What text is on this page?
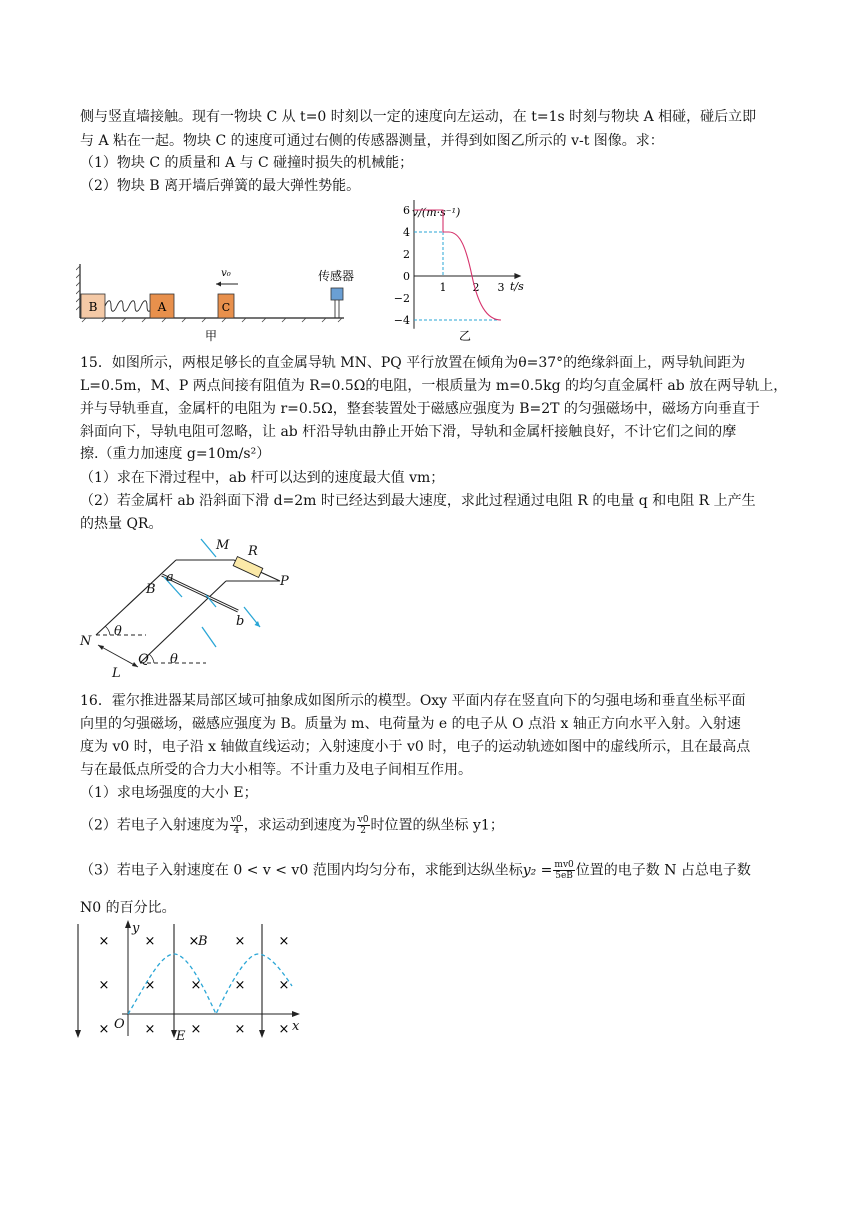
侧与竖直墙接触。现有一物块 C 从 t=0 时刻以一定的速度向左运动，在 t=1s 时刻与物块 A 相碰，碰后立即
与 A 粘在一起。物块 C 的速度可通过右侧的传感器测量，并得到如图乙所示的 v-t 图像。求：
（1）物块 C 的质量和 A 与 C 碰撞时损失的机械能；
（2）物块 B 离开墙后弹簧的最大弹性势能。
B	A	C
v₀	传感器
甲
v/(m·s⁻¹)
t/s
6
4
2
0
−2
−4
1 2 3
乙
15．如图所示，两根足够长的直金属导轨 MN、PQ 平行放置在倾角为θ=37°的绝缘斜面上，两导轨间距为
L=0.5m，M、P 两点间接有阻值为 R=0.5Ω的电阻，一根质量为 m=0.5kg 的均匀直金属杆 ab 放在两导轨上，
并与导轨垂直，金属杆的电阻为 r=0.5Ω，整套装置处于磁感应强度为 B=2T 的匀强磁场中，磁场方向垂直于
斜面向下，导轨电阻可忽略，让 ab 杆沿导轨由静止开始下滑，导轨和金属杆接触良好，不计它们之间的摩
擦.（重力加速度 g=10m/s²）
（1）求在下滑过程中，ab 杆可以达到的速度最大值 vm；
（2）若金属杆 ab 沿斜面下滑 d=2m 时已经达到最大速度，求此过程通过电阻 R 的电量 q 和电阻 R 上产生
的热量 QR。
M R
P
B
a
b
N
Q
θ
θ
L
16．霍尔推进器某局部区域可抽象成如图所示的模型。Oxy 平面内存在竖直向下的匀强电场和垂直坐标平面
向里的匀强磁场，磁感应强度为 B。质量为 m、电荷量为 e 的电子从 O 点沿 x 轴正方向水平入射。入射速
度为 v0 时，电子沿 x 轴做直线运动；入射速度小于 v0 时，电子的运动轨迹如图中的虚线所示，且在最高点
与在最低点所受的合力大小相等。不计重力及电子间相互作用。
（1）求电场强度的大小 E；
（2）若电子入射速度为 $\frac{v0}{4}$ ，求运动到速度为 $\frac{v0}{2}$ 时位置的纵坐标 y1；
（3）若电子入射速度在 0 < v < v0 范围内均匀分布，求能到达纵坐标$y_2 = \frac{mv0}{5eB}$ 位置的电子数 N 占总电子数
N0 的百分比。
×	×	×	×
×	×	×	×	×
×	×	×	×	×
×
y
x
O
B
E
